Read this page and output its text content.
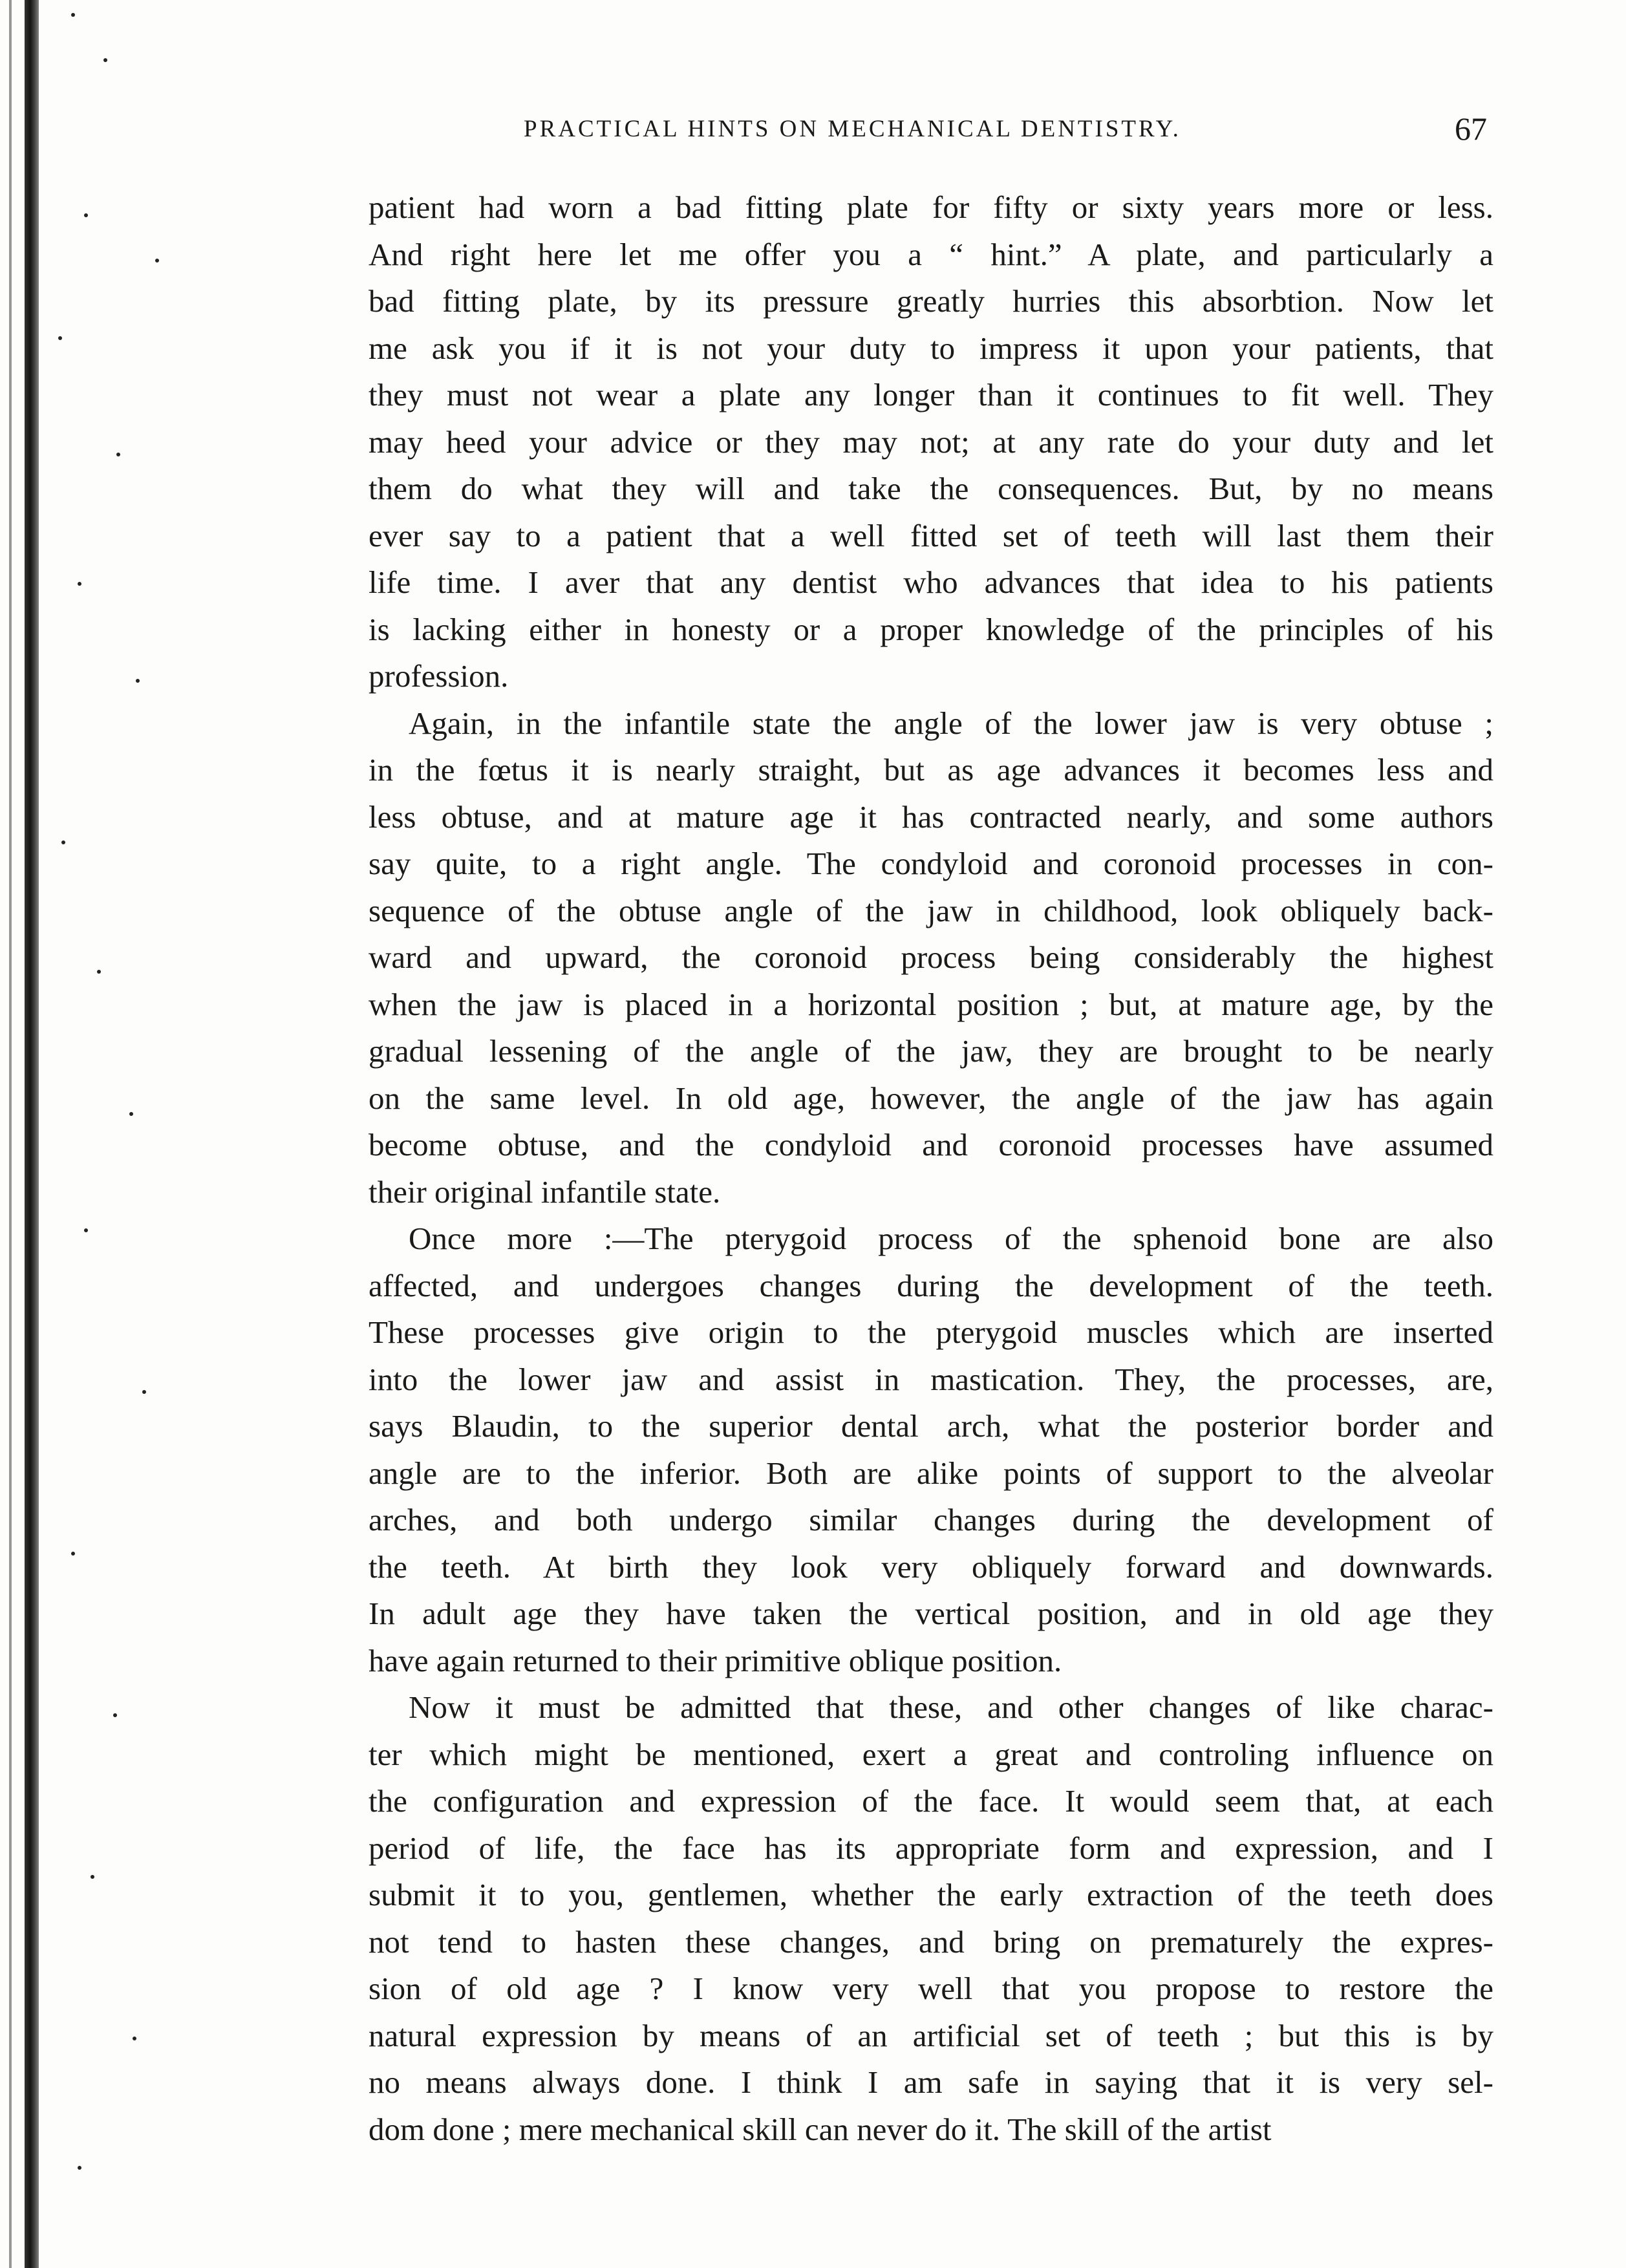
PRACTICAL HINTS ON MECHANICAL DENTISTRY.	67
patient had worn a bad fitting plate for fifty or sixty years more or less.
And right here let me offer you a “ hint.” A plate, and particularly a
bad fitting plate, by its pressure greatly hurries this absorbtion. Now let
me ask you if it is not your duty to impress it upon your patients, that
they must not wear a plate any longer than it continues to fit well. They
may heed your advice or they may not; at any rate do your duty and let
them do what they will and take the consequences. But, by no means
ever say to a patient that a well fitted set of teeth will last them their
life time. I aver that any dentist who advances that idea to his patients
is lacking either in honesty or a proper knowledge of the principles of his
profession.
Again, in the infantile state the angle of the lower jaw is very obtuse ;
in the fœtus it is nearly straight, but as age advances it becomes less and
less obtuse, and at mature age it has contracted nearly, and some authors
say quite, to a right angle. The condyloid and coronoid processes in con-
sequence of the obtuse angle of the jaw in childhood, look obliquely back-
ward and upward, the coronoid process being considerably the highest
when the jaw is placed in a horizontal position ; but, at mature age, by the
gradual lessening of the angle of the jaw, they are brought to be nearly
on the same level. In old age, however, the angle of the jaw has again
become obtuse, and the condyloid and coronoid processes have assumed
their original infantile state.
Once more :—The pterygoid process of the sphenoid bone are also
affected, and undergoes changes during the development of the teeth.
These processes give origin to the pterygoid muscles which are inserted
into the lower jaw and assist in mastication. They, the processes, are,
says Blaudin, to the superior dental arch, what the posterior border and
angle are to the inferior. Both are alike points of support to the alveolar
arches, and both undergo similar changes during the development of
the teeth. At birth they look very obliquely forward and downwards.
In adult age they have taken the vertical position, and in old age they
have again returned to their primitive oblique position.
Now it must be admitted that these, and other changes of like charac-
ter which might be mentioned, exert a great and controling influence on
the configuration and expression of the face. It would seem that, at each
period of life, the face has its appropriate form and expression, and I
submit it to you, gentlemen, whether the early extraction of the teeth does
not tend to hasten these changes, and bring on prematurely the expres-
sion of old age ? I know very well that you propose to restore the
natural expression by means of an artificial set of teeth ; but this is by
no means always done. I think I am safe in saying that it is very sel-
dom done ; mere mechanical skill can never do it. The skill of the artist
